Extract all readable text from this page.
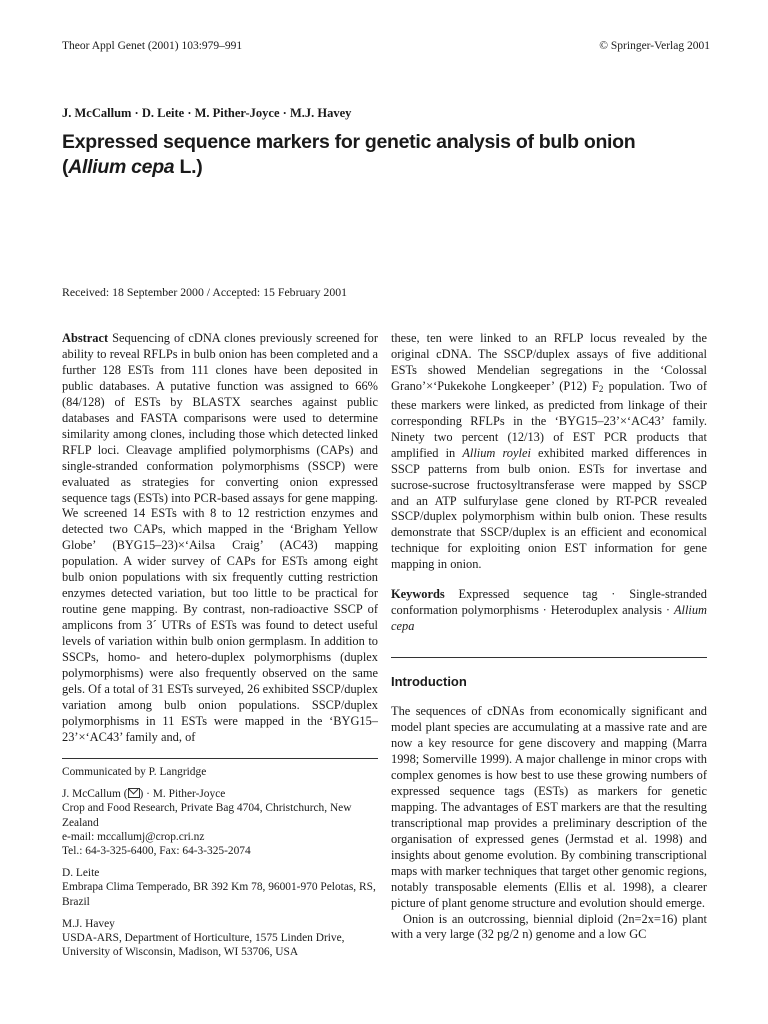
Theor Appl Genet (2001) 103:979–991	© Springer-Verlag 2001
J. McCallum · D. Leite · M. Pither-Joyce · M.J. Havey
Expressed sequence markers for genetic analysis of bulb onion
(Allium cepa L.)
Received: 18 September 2000 / Accepted: 15 February 2001
Abstract Sequencing of cDNA clones previously screened for ability to reveal RFLPs in bulb onion has been completed and a further 128 ESTs from 111 clones have been deposited in public databases. A putative function was assigned to 66% (84/128) of ESTs by BLASTX searches against public databases and FASTA comparisons were used to determine similarity among clones, including those which detected linked RFLP loci. Cleavage amplified polymorphisms (CAPs) and single-stranded conformation polymorphisms (SSCP) were evaluated as strategies for converting onion expressed sequence tags (ESTs) into PCR-based assays for gene mapping. We screened 14 ESTs with 8 to 12 restriction enzymes and detected two CAPs, which mapped in the ‘Brigham Yellow Globe’ (BYG15–23)×‘Ailsa Craig’ (AC43) mapping population. A wider survey of CAPs for ESTs among eight bulb onion populations with six frequently cutting restriction enzymes detected variation, but too little to be practical for routine gene mapping. By contrast, non-radioactive SSCP of amplicons from 3´ UTRs of ESTs was found to detect useful levels of variation within bulb onion germplasm. In addition to SSCPs, homo- and hetero-duplex polymorphisms (duplex polymorphisms) were also frequently observed on the same gels. Of a total of 31 ESTs surveyed, 26 exhibited SSCP/duplex variation among bulb onion populations. SSCP/duplex polymorphisms in 11 ESTs were mapped in the ‘BYG15–23’×‘AC43’ family and, of

Communicated by P. Langridge

J. McCallum ( ) · M. Pither-Joyce

Crop and Food Research, Private Bag 4704, Christchurch, New Zealand

e-mail: mccallumj@crop.cri.nz

Tel.: 64-3-325-6400, Fax: 64-3-325-2074

D. Leite

Embrapa Clima Temperado, BR 392 Km 78, 96001-970 Pelotas, RS, Brazil

M.J. Havey

USDA-ARS, Department of Horticulture, 1575 Linden Drive,

University of Wisconsin, Madison, WI 53706, USA

these, ten were linked to an RFLP locus revealed by the original cDNA. The SSCP/duplex assays of five additional ESTs showed Mendelian segregations in the ‘Colossal Grano’×‘Pukekohe Longkeeper’ (P12) $F_2$ population. Two of these markers were linked, as predicted from linkage of their corresponding RFLPs in the ‘BYG15–23’×‘AC43’ family. Ninety two percent (12/13) of EST PCR products that amplified in Allium roylei exhibited marked differences in SSCP patterns from bulb onion. ESTs for invertase and sucrose-sucrose fructosyltransferase were mapped by SSCP and an ATP sulfurylase gene cloned by RT-PCR revealed SSCP/duplex polymorphism within bulb onion. These results demonstrate that SSCP/duplex is an efficient and economical technique for exploiting onion EST information for gene mapping in onion.
Keywords Expressed sequence tag · Single-stranded conformation polymorphisms · Heteroduplex analysis · Allium cepa
Introduction

The sequences of cDNAs from economically significant and model plant species are accumulating at a massive rate and are now a key resource for gene discovery and mapping (Marra 1998; Somerville 1999). A major challenge in minor crops with complex genomes is how best to use these growing numbers of expressed sequence tags (ESTs) as markers for genetic mapping. The advantages of EST markers are that the resulting transcriptional map provides a preliminary description of the organisation of expressed genes (Jermstad et al. 1998) and insights about genome evolution. By combining transcriptional maps with marker techniques that target other genomic regions, notably transposable elements (Ellis et al. 1998), a clearer picture of plant genome structure and evolution should emerge.

Onion is an outcrossing, biennial diploid (2n=2x=16) plant with a very large (32 pg/2 n) genome and a low GC
